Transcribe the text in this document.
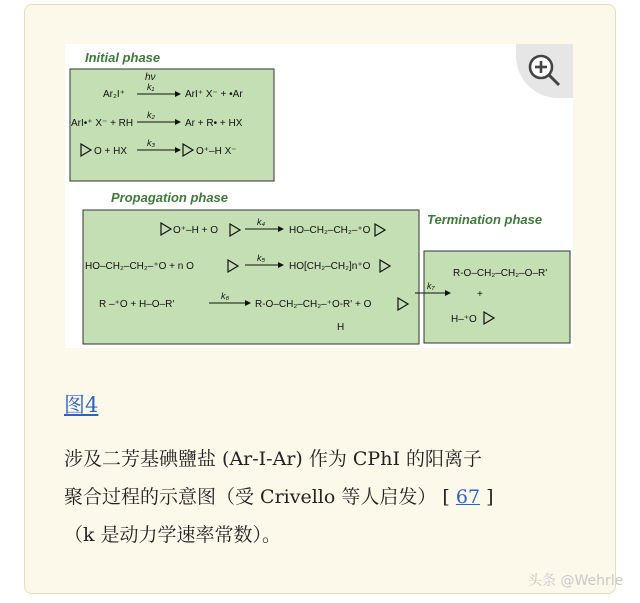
Initial phase
hν
Ar₂I⁺
k₁
ArI⁺ X⁻ + •Ar
ArI•⁺ X⁻ + RH
k₂
Ar + R• + HX
O + HX
k₃
O⁺–H X⁻
Propagation phase
O⁺–H + O
k₄
HO–CH₂–CH₂–⁺O
HO–CH₂–CH₂–⁺O + n O
k₅
HO[CH₂–CH₂]n⁺O
R –⁺O + H–O–R'
k₆
R-O–CH₂–CH₂–⁺O-R' + O
H
Termination phase
k₇
R-O–CH₂–CH₂–O–R'
+
H–⁺O
图4
涉及二芳基碘鹽盐 (Ar-I-Ar) 作为 CPhI 的阳离子
聚合过程的示意图（受 Crivello 等人启发） [ 67 ]
（k 是动力学速率常数）。
头条 @Wehrle
